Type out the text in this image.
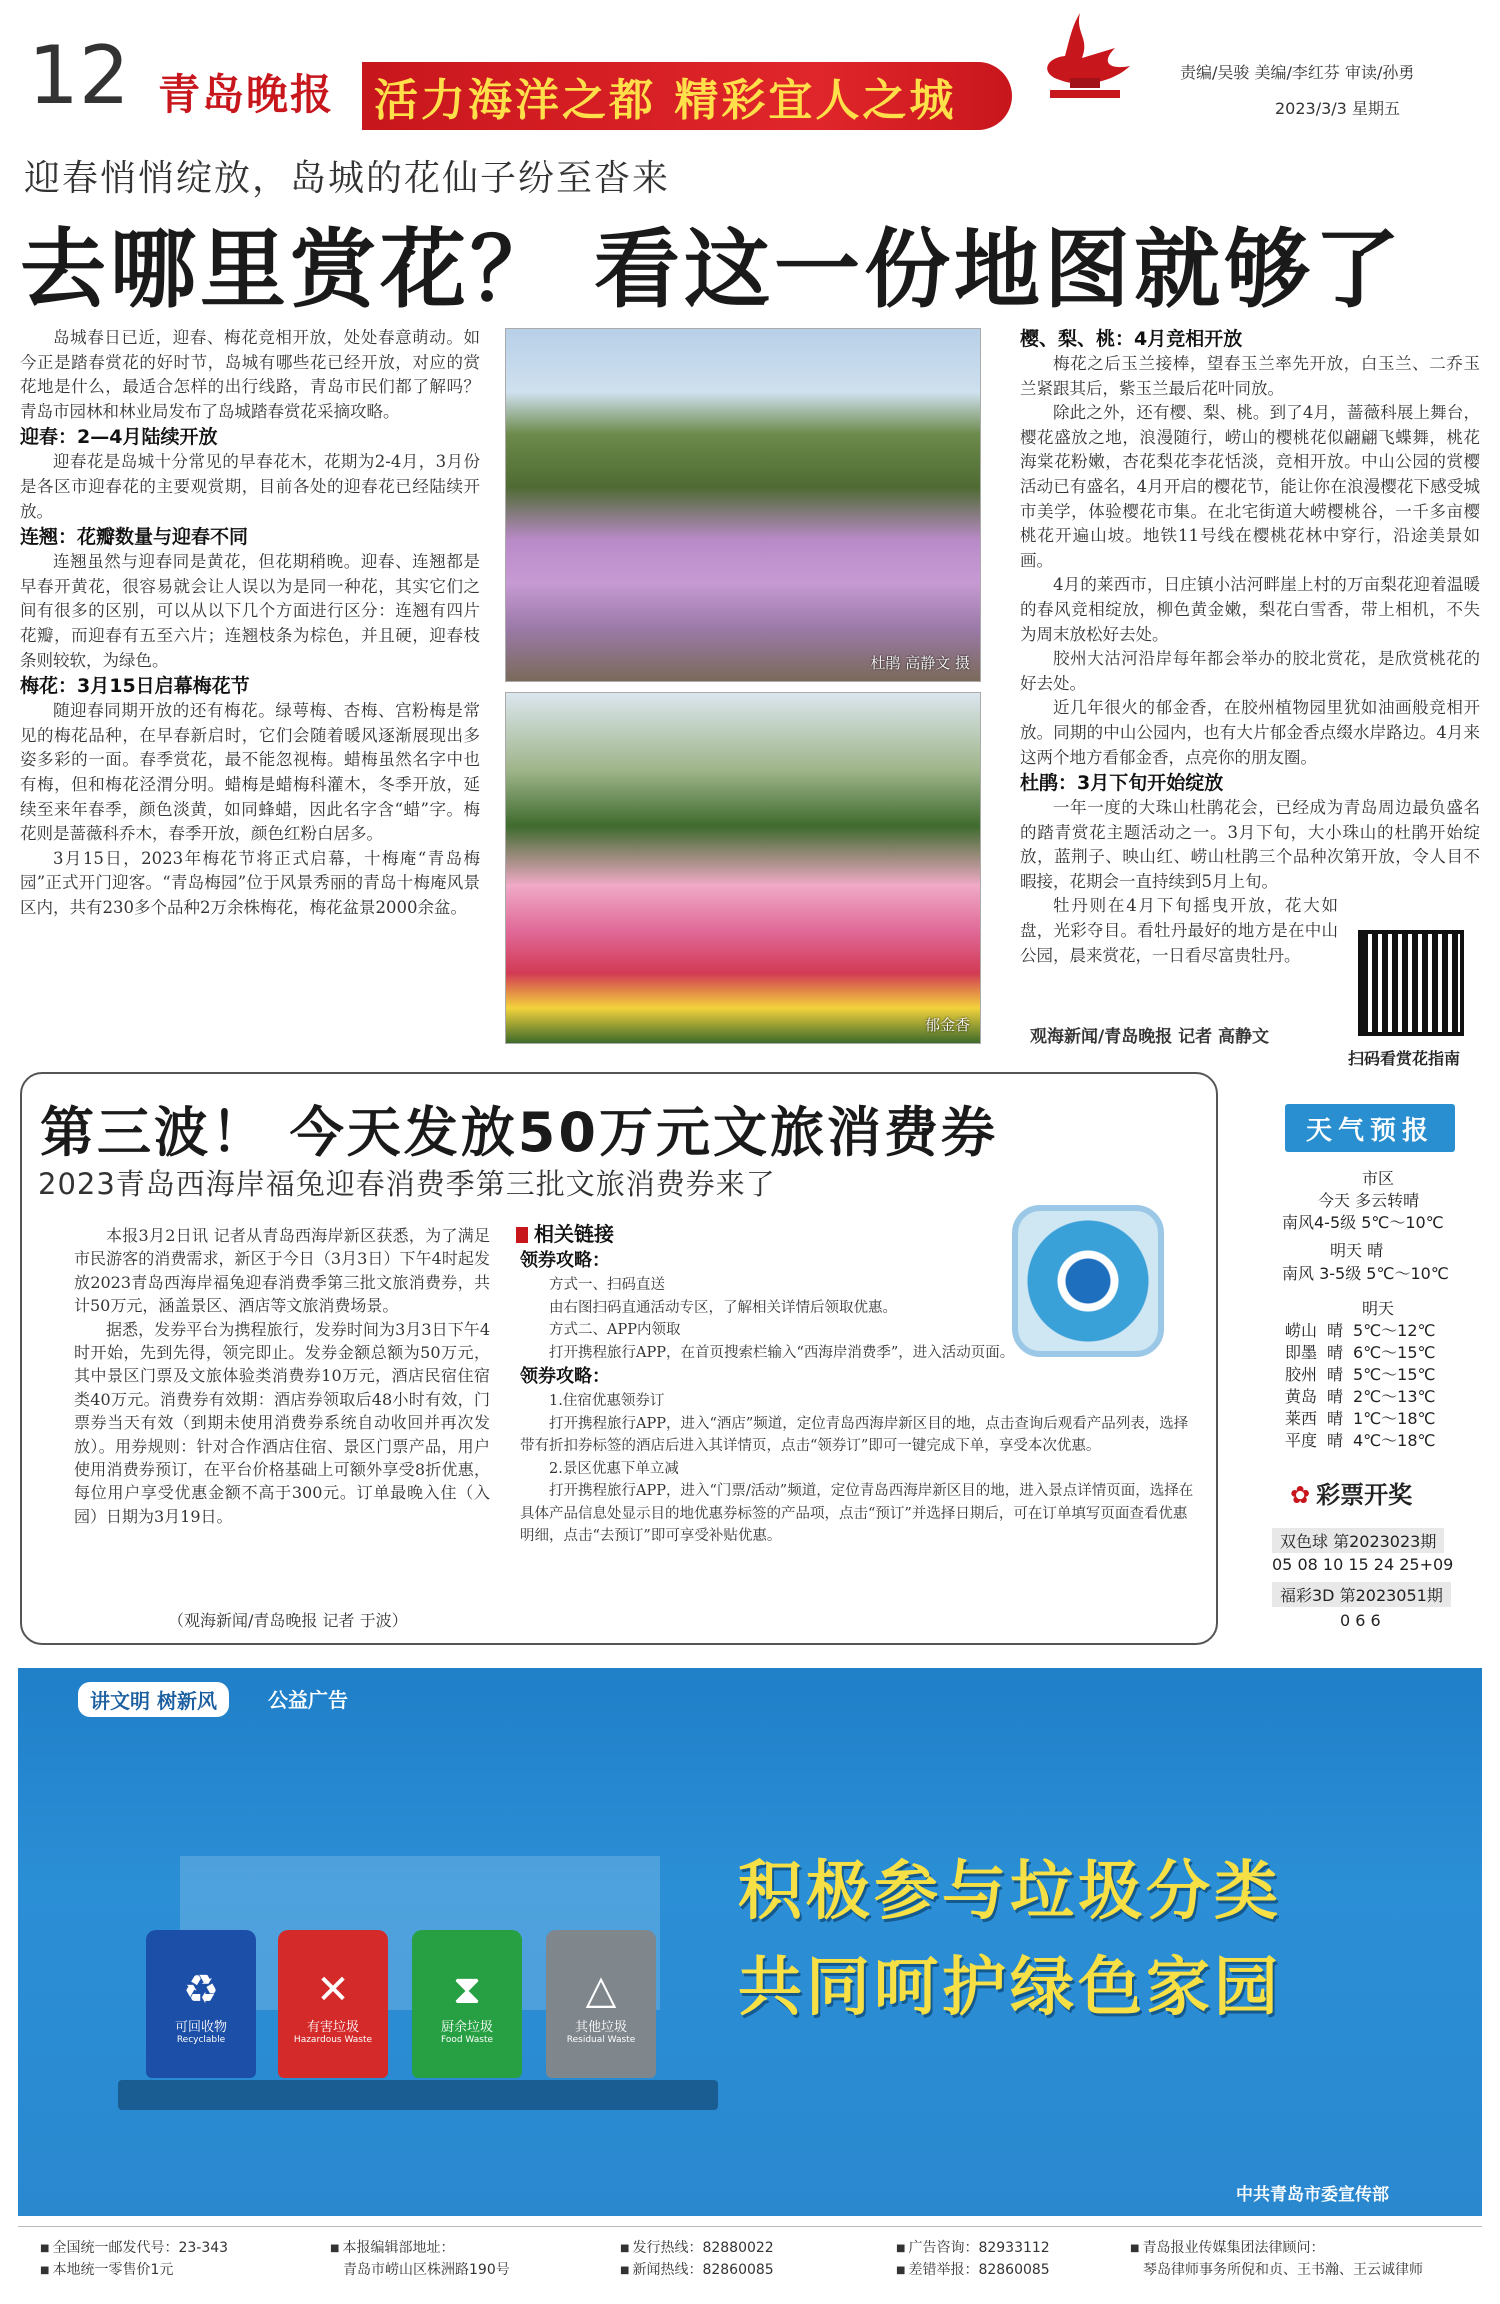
12 青岛晚报 活力海洋之都 精彩宜人之城
责编/吴骏 美编/李红芬 审读/孙勇
2023/3/3 星期五
迎春悄悄绽放，岛城的花仙子纷至沓来
去哪里赏花？ 看这一份地图就够了

岛城春日已近，迎春、梅花竞相开放，处处春意萌动。如今正是踏春赏花的好时节，岛城有哪些花已经开放，对应的赏花地是什么，最适合怎样的出行线路，青岛市民们都了解吗？青岛市园林和林业局发布了岛城踏春赏花采摘攻略。

迎春：2—4月陆续开放

迎春花是岛城十分常见的早春花木，花期为2-4月，3月份是各区市迎春花的主要观赏期，目前各处的迎春花已经陆续开放。

连翘：花瓣数量与迎春不同

连翘虽然与迎春同是黄花，但花期稍晚。迎春、连翘都是早春开黄花，很容易就会让人误以为是同一种花，其实它们之间有很多的区别，可以从以下几个方面进行区分：连翘有四片花瓣，而迎春有五至六片；连翘枝条为棕色，并且硬，迎春枝条则较软，为绿色。

梅花：3月15日启幕梅花节

随迎春同期开放的还有梅花。绿萼梅、杏梅、宫粉梅是常见的梅花品种，在早春新启时，它们会随着暖风逐渐展现出多姿多彩的一面。春季赏花，最不能忽视梅。蜡梅虽然名字中也有梅，但和梅花泾渭分明。蜡梅是蜡梅科灌木，冬季开放，延续至来年春季，颜色淡黄，如同蜂蜡，因此名字含“蜡”字。梅花则是蔷薇科乔木，春季开放，颜色红粉白居多。

3月15日，2023年梅花节将正式启幕，十梅庵“青岛梅园”正式开门迎客。“青岛梅园”位于风景秀丽的青岛十梅庵风景区内，共有230多个品种2万余株梅花，梅花盆景2000余盆。

杜鹃 高静文 摄
郁金香
樱、梨、桃：4月竞相开放

梅花之后玉兰接棒，望春玉兰率先开放，白玉兰、二乔玉兰紧跟其后，紫玉兰最后花叶同放。

除此之外，还有樱、梨、桃。到了4月，蔷薇科展上舞台，樱花盛放之地，浪漫随行，崂山的樱桃花似翩翩飞蝶舞，桃花海棠花粉嫩，杏花梨花李花恬淡，竞相开放。中山公园的赏樱活动已有盛名，4月开启的樱花节，能让你在浪漫樱花下感受城市美学，体验樱花市集。在北宅街道大崂樱桃谷，一千多亩樱桃花开遍山坡。地铁11号线在樱桃花林中穿行，沿途美景如画。

4月的莱西市，日庄镇小沽河畔崖上村的万亩梨花迎着温暖的春风竞相绽放，柳色黄金嫩，梨花白雪香，带上相机，不失为周末放松好去处。

胶州大沽河沿岸每年都会举办的胶北赏花，是欣赏桃花的好去处。

近几年很火的郁金香，在胶州植物园里犹如油画般竞相开放。同期的中山公园内，也有大片郁金香点缀水岸路边。4月来这两个地方看郁金香，点亮你的朋友圈。

杜鹃：3月下旬开始绽放

一年一度的大珠山杜鹃花会，已经成为青岛周边最负盛名的踏青赏花主题活动之一。3月下旬，大小珠山的杜鹃开始绽放，蓝荆子、映山红、崂山杜鹃三个品种次第开放，令人目不暇接，花期会一直持续到5月上旬。

牡丹则在4月下旬摇曳开放，花大如盘，光彩夺目。看牡丹最好的地方是在中山公园，晨来赏花，一日看尽富贵牡丹。

观海新闻/青岛晚报 记者 高静文
扫码看赏花指南
第三波！ 今天发放50万元文旅消费券
2023青岛西海岸福兔迎春消费季第三批文旅消费券来了

本报3月2日讯 记者从青岛西海岸新区获悉，为了满足市民游客的消费需求，新区于今日（3月3日）下午4时起发放2023青岛西海岸福兔迎春消费季第三批文旅消费券，共计50万元，涵盖景区、酒店等文旅消费场景。

据悉，发券平台为携程旅行，发券时间为3月3日下午4时开始，先到先得，领完即止。发券金额总额为50万元，其中景区门票及文旅体验类消费券10万元，酒店民宿住宿类40万元。消费券有效期：酒店券领取后48小时有效，门票券当天有效（到期未使用消费券系统自动收回并再次发放）。用券规则：针对合作酒店住宿、景区门票产品，用户使用消费券预订，在平台价格基础上可额外享受8折优惠，每位用户享受优惠金额不高于300元。订单最晚入住（入园）日期为3月19日。

（观海新闻/青岛晚报 记者 于波）
相关链接
领券攻略：

方式一、扫码直送

由右图扫码直通活动专区，了解相关详情后领取优惠。

方式二、APP内领取

打开携程旅行APP，在首页搜索栏输入“西海岸消费季”，进入活动页面。

领券攻略：

1.住宿优惠领券订

打开携程旅行APP，进入“酒店”频道，定位青岛西海岸新区目的地，点击查询后观看产品列表，选择带有折扣券标签的酒店后进入其详情页，点击“领券订”即可一键完成下单，享受本次优惠。

2.景区优惠下单立减

打开携程旅行APP，进入“门票/活动”频道，定位青岛西海岸新区目的地，进入景点详情页面，选择在具体产品信息处显示目的地优惠券标签的产品项，点击“预订”并选择日期后，可在订单填写页面查看优惠明细，点击“去预订”即可享受补贴优惠。

天气预报
市区
今天 多云转晴
南风4-5级 5℃～10℃
明天 晴
南风 3-5级 5℃～10℃
明天
崂山 晴 5℃～12℃
即墨 晴 6℃～15℃
胶州 晴 5℃～15℃
黄岛 晴 2℃～13℃
莱西 晴 1℃～18℃
平度 晴 4℃～18℃
✿ 彩票开奖
双色球 第2023023期
05 08 10 15 24 25+09
福彩3D 第2023051期
0 6 6
讲文明 树新风	公益广告
♻
可回收物
Recyclable
✕
有害垃圾
Hazardous Waste
⧗
厨余垃圾
Food Waste
△
其他垃圾
Residual Waste
积极参与垃圾分类
共同呵护绿色家园
中共青岛市委宣传部
■ 全国统一邮发代号：23-343
■ 本地统一零售价1元
■ 本报编辑部地址：
青岛市崂山区株洲路190号
■ 发行热线：82880022
■ 新闻热线：82860085
■ 广告咨询：82933112
■ 差错举报：82860085
■ 青岛报业传媒集团法律顾问：
琴岛律师事务所倪和贞、王书瀚、王云诚律师
